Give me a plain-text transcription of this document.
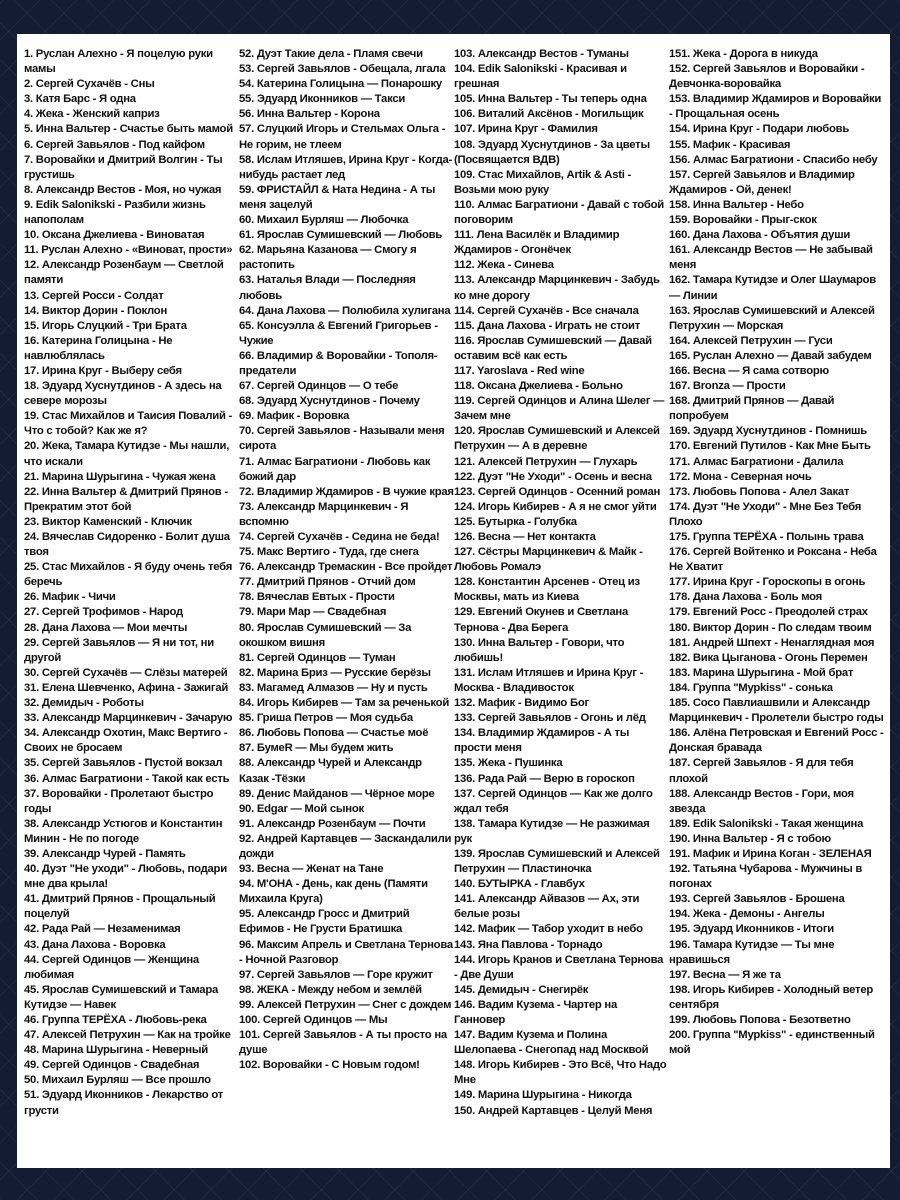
1. Руслан Алехно - Я поцелую руки мамы
2. Сергей Сухачёв - Сны
3. Катя Барс - Я одна
4. Жека - Женский каприз
5. Инна Вальтер - Счастье быть мамой
6. Сергей Завьялов - Под кайфом
7. Воровайки и Дмитрий Волгин - Ты грустишь
8. Александр Вестов - Моя, но чужая
9. Edik Salonikski - Разбили жизнь напополам
10. Оксана Джелиева - Виноватая
11. Руслан Алехно - «Виноват, прости»
12. Александр Розенбаум — Светлой памяти
13. Сергей Росси - Солдат
14. Виктор Дорин - Поклон
15. Игорь Слуцкий - Три Брата
16. Катерина Голицына - Не навлюблялась
17. Ирина Круг - Выберу себя
18. Эдуард Хуснутдинов - А здесь на севере морозы
19. Стас Михайлов и Таисия Повалий - Что с тобой? Как же я?
20. Жека, Тамара Кутидзе - Мы нашли, что искали
21. Марина Шурыгина - Чужая жена
22. Инна Вальтер & Дмитрий Прянов - Прекратим этот бой
23. Виктор Каменский - Ключик
24. Вячеслав Сидоренко - Болит душа твоя
25. Стас Михайлов - Я буду очень тебя беречь
26. Мафик - Чичи
27. Сергей Трофимов - Народ
28. Дана Лахова — Мои мечты
29. Сергей Завьялов — Я ни тот, ни другой
30. Сергей Сухачёв — Слёзы матерей
31. Елена Шевченко, Афина - Зажигай
32. Демидыч - Роботы
33. Александр Марцинкевич - Зачарую
34. Александр Охотин, Макс Вертиго - Своих не бросаем
35. Сергей Завьялов - Пустой вокзал
36. Алмас Багратиони - Такой как есть
37. Воровайки - Пролетают быстро годы
38. Александр Устюгов и Константин Минин - Не по погоде
39. Александр Чурей - Память
40. Дуэт "Не уходи" - Любовь, подари мне два крыла!
41. Дмитрий Прянов - Прощальный поцелуй
42. Рада Рай — Незаменимая
43. Дана Лахова - Воровка
44. Сергей Одинцов — Женщина любимая
45. Ярослав Сумишевский и Тамара Кутидзе — Навек
46. Группа ТЕРЁХА - Любовь-река
47. Алексей Петрухин — Как на тройке
48. Марина Шурыгина - Неверный
49. Сергей Одинцов - Свадебная
50. Михаил Бурляш — Все прошло
51. Эдуард Иконников - Лекарство от грусти
52. Дуэт Такие дела - Пламя свечи
53. Сергей Завьялов - Обещала, лгала
54. Катерина Голицына — Понарошку
55. Эдуард Иконников — Такси
56. Инна Вальтер - Корона
57. Слуцкий Игорь и Стельмах Ольга - Не горим, не тлеем
58. Ислам Итляшев, Ирина Круг - Когда-нибудь растает лед
59. ФРИСТАЙЛ & Ната Недина - А ты меня зацелуй
60. Михаил Бурляш — Любочка
61. Ярослав Сумишевский — Любовь
62. Марьяна Казанова — Смогу я растопить
63. Наталья Влади — Последняя любовь
64. Дана Лахова — Полюбила хулигана
65. Консуэлла & Евгений Григорьев - Чужие
66. Владимир & Воровайки - Тополя-предатели
67. Сергей Одинцов — О тебе
68. Эдуард Хуснутдинов - Почему
69. Мафик - Воровка
70. Сергей Завьялов - Называли меня сирота
71. Алмас Багратиони - Любовь как божий дар
72. Владимир Ждамиров - В чужие края
73. Александр Марцинкевич - Я вспомню
74. Сергей Сухачёв - Седина не беда!
75. Макс Вертиго - Туда, где снега
76. Александр Тремаскин - Все пройдет
77. Дмитрий Прянов - Отчий дом
78. Вячеслав Евтых - Прости
79. Мари Мар — Свадебная
80. Ярослав Сумишевский — За окошком вишня
81. Сергей Одинцов — Туман
82. Марина Бриз — Русские берёзы
83. Магамед Алмазов — Ну и пусть
84. Игорь Кибирев — Там за реченькой
85. Гриша Петров — Моя судьба
86. Любовь Попова — Счастье моё
87. БумеR — Мы будем жить
88. Александр Чурей и Александр Казак -Тёзки
89. Денис Майданов — Чёрное море
90. Edgar — Мой сынок
91. Александр Розенбаум — Почти
92. Андрей Картавцев — Заскандалили дожди
93. Весна — Женат на Тане
94. М'ОНА - День, как день (Памяти Михаила Круга)
95. Александр Гросс и Дмитрий Ефимов - Не Грусти Братишка
96. Максим Апрель и Светлана Тернова - Ночной Разговор
97. Сергей Завьялов — Горе кружит
98. ЖЕКА - Между небом и землёй
99. Алексей Петрухин — Снег с дождем
100. Сергей Одинцов — Мы
101. Сергей Завьялов - А ты просто на душе
102. Воровайки - С Новым годом!
103. Александр Вестов - Туманы
104. Edik Salonikski - Красивая и грешная
105. Инна Вальтер - Ты теперь одна
106. Виталий Аксёнов - Могильщик
107. Ирина Круг - Фамилия
108. Эдуард Хуснутдинов - За цветы (Посвящается ВДВ)
109. Стас Михайлов, Artik & Asti - Возьми мою руку
110. Алмас Багратиони - Давай с тобой поговорим
111. Лена Василёк и Владимир Ждамиров - Огонёчек
112. Жека - Синева
113. Александр Марцинкевич - Забудь ко мне дорогу
114. Сергей Сухачёв - Все сначала
115. Дана Лахова - Играть не стоит
116. Ярослав Сумишевский — Давай оставим всё как есть
117. Yaroslava - Red wine
118. Оксана Джелиева - Больно
119. Сергей Одинцов и Алина Шелег — Зачем мне
120. Ярослав Сумишевский и Алексей Петрухин — А в деревне
121. Алексей Петрухин — Глухарь
122. Дуэт "Не Уходи" - Осень и весна
123. Сергей Одинцов - Осенний роман
124. Игорь Кибирев - А я не смог уйти
125. Бутырка - Голубка
126. Весна — Нет контакта
127. Сёстры Марцинкевич & Майк - Любовь Ромалэ
128. Константин Арсенев - Отец из Москвы, мать из Киева
129. Евгений Окунев и Светлана Тернова - Два Берега
130. Инна Вальтер - Говори, что любишь!
131. Ислам Итляшев и Ирина Круг - Москва - Владивосток
132. Мафик - Видимо Бог
133. Сергей Завьялов - Огонь и лёд
134. Владимир Ждамиров - А ты прости меня
135. Жека - Пушинка
136. Рада Рай — Верю в гороскоп
137. Сергей Одинцов — Как же долго ждал тебя
138. Тамара Кутидзе — Не разжимая рук
139. Ярослав Сумишевский и Алексей Петрухин — Пластиночка
140. БУТЫРКА - Главбух
141. Александр Айвазов — Ах, эти белые розы
142. Мафик — Табор уходит в небо
143. Яна Павлова - Торнадо
144. Игорь Кранов и Светлана Тернова - Две Души
145. Демидыч - Снегирёк
146. Вадим Кузема - Чартер на Ганновер
147. Вадим Кузема и Полина Шелопаева - Снегопад над Москвой
148. Игорь Кибирев - Это Всё, Что Надо Мне
149. Марина Шурыгина - Никогда
150. Андрей Картавцев - Целуй Меня
151. Жека - Дорога в никуда
152. Сергей Завьялов и Воровайки - Девчонка-воровайка
153. Владимир Ждамиров и Воровайки - Прощальная осень
154. Ирина Круг - Подари любовь
155. Мафик - Красивая
156. Алмас Багратиони - Спасибо небу
157. Сергей Завьялов и Владимир Ждамиров - Ой, денек!
158. Инна Вальтер - Небо
159. Воровайки - Прыг-скок
160. Дана Лахова - Объятия души
161. Александр Вестов — Не забывай меня
162. Тамара Кутидзе и Олег Шаумаров — Линии
163. Ярослав Сумишевский и Алексей Петрухин — Морская
164. Алексей Петрухин — Гуси
165. Руслан Алехно — Давай забудем
166. Весна — Я сама сотворю
167. Bronza — Прости
168. Дмитрий Прянов — Давай попробуем
169. Эдуард Хуснутдинов - Помнишь
170. Евгений Путилов - Как Мне Быть
171. Алмас Багратиони - Далила
172. Мона - Северная ночь
173. Любовь Попова - Алел Закат
174. Дуэт "Не Уходи" - Мне Без Тебя Плохо
175. Группа ТЕРЁХА - Полынь трава
176. Сергей Войтенко и Роксана - Неба Не Хватит
177. Ирина Круг - Гороскопы в огонь
178. Дана Лахова - Боль моя
179. Евгений Росс - Преодолей страх
180. Виктор Дорин - По следам твоим
181. Андрей Шпехт - Ненаглядная моя
182. Вика Цыганова - Огонь Перемен
183. Марина Шурыгина - Мой брат
184. Группа "Мурkiss" - сонька
185. Сосо Павлиашвили и Александр Марцинкевич - Пролетели быстро годы
186. Алёна Петровская и Евгений Росс - Донская бравада
187. Сергей Завьялов - Я для тебя плохой
188. Александр Вестов - Гори, моя звезда
189. Edik Salonikski - Такая женщина
190. Инна Вальтер - Я с тобою
191. Мафик и Ирина Коган - ЗЕЛЕНАЯ
192. Татьяна Чубарова - Мужчины в погонах
193. Сергей Завьялов - Брошена
194. Жека - Демоны - Ангелы
195. Эдуард Иконников - Итоги
196. Тамара Кутидзе — Ты мне нравишься
197. Весна — Я же та
198. Игорь Кибирев - Холодный ветер сентября
199. Любовь Попова - Безответно
200. Группа "Мурkiss" - единственный мой
